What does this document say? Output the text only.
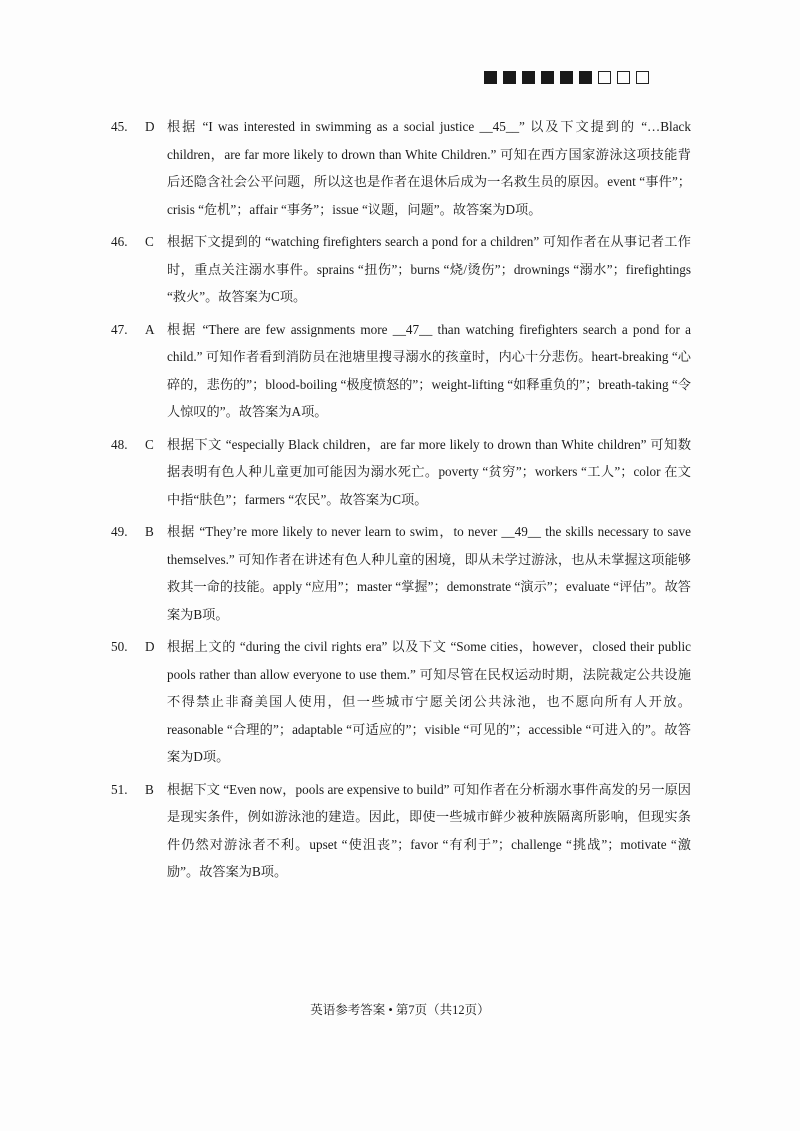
45. D 根据 “I was interested in swimming as a social justice __45__” 以及下文提到的 “…Black children，are far more likely to drown than White Children.” 可知在西方国家游泳这项技能背后还隐含社会公平问题，所以这也是作者在退休后成为一名救生员的原因。event “事件”；crisis “危机”；affair “事务”；issue “议题，问题”。故答案为D项。
46. C 根据下文提到的 “watching firefighters search a pond for a children” 可知作者在从事记者工作时，重点关注溺水事件。sprains “扭伤”；burns “烧/烫伤”；drownings “溺水”；firefightings “救火”。故答案为C项。
47. A 根据 “There are few assignments more __47__ than watching firefighters search a pond for a child.” 可知作者看到消防员在池塘里搜寻溺水的孩童时，内心十分悲伤。heart-breaking “心碎的，悲伤的”；blood-boiling “极度愤怒的”；weight-lifting “如释重负的”；breath-taking “令人惊叹的”。故答案为A项。
48. C 根据下文 “especially Black children，are far more likely to drown than White children” 可知数据表明有色人种儿童更加可能因为溺水死亡。poverty “贫穷”；workers “工人”；color 在文中指“肤色”；farmers “农民”。故答案为C项。
49. B 根据 “They’re more likely to never learn to swim，to never __49__ the skills necessary to save themselves.” 可知作者在讲述有色人种儿童的困境，即从未学过游泳，也从未掌握这项能够救其一命的技能。apply “应用”；master “掌握”；demonstrate “演示”；evaluate “评估”。故答案为B项。
50. D 根据上文的 “during the civil rights era” 以及下文 “Some cities，however，closed their public pools rather than allow everyone to use them.” 可知尽管在民权运动时期，法院裁定公共设施不得禁止非裔美国人使用，但一些城市宁愿关闭公共泳池，也不愿向所有人开放。reasonable “合理的”；adaptable “可适应的”；visible “可见的”；accessible “可进入的”。故答案为D项。
51. B 根据下文 “Even now，pools are expensive to build” 可知作者在分析溺水事件高发的另一原因是现实条件，例如游泳池的建造。因此，即使一些城市鲜少被种族隔离所影响，但现实条件仍然对游泳者不利。upset “使沮丧”；favor “有利于”；challenge “挑战”；motivate “激励”。故答案为B项。
英语参考答案 • 第7页（共12页）
